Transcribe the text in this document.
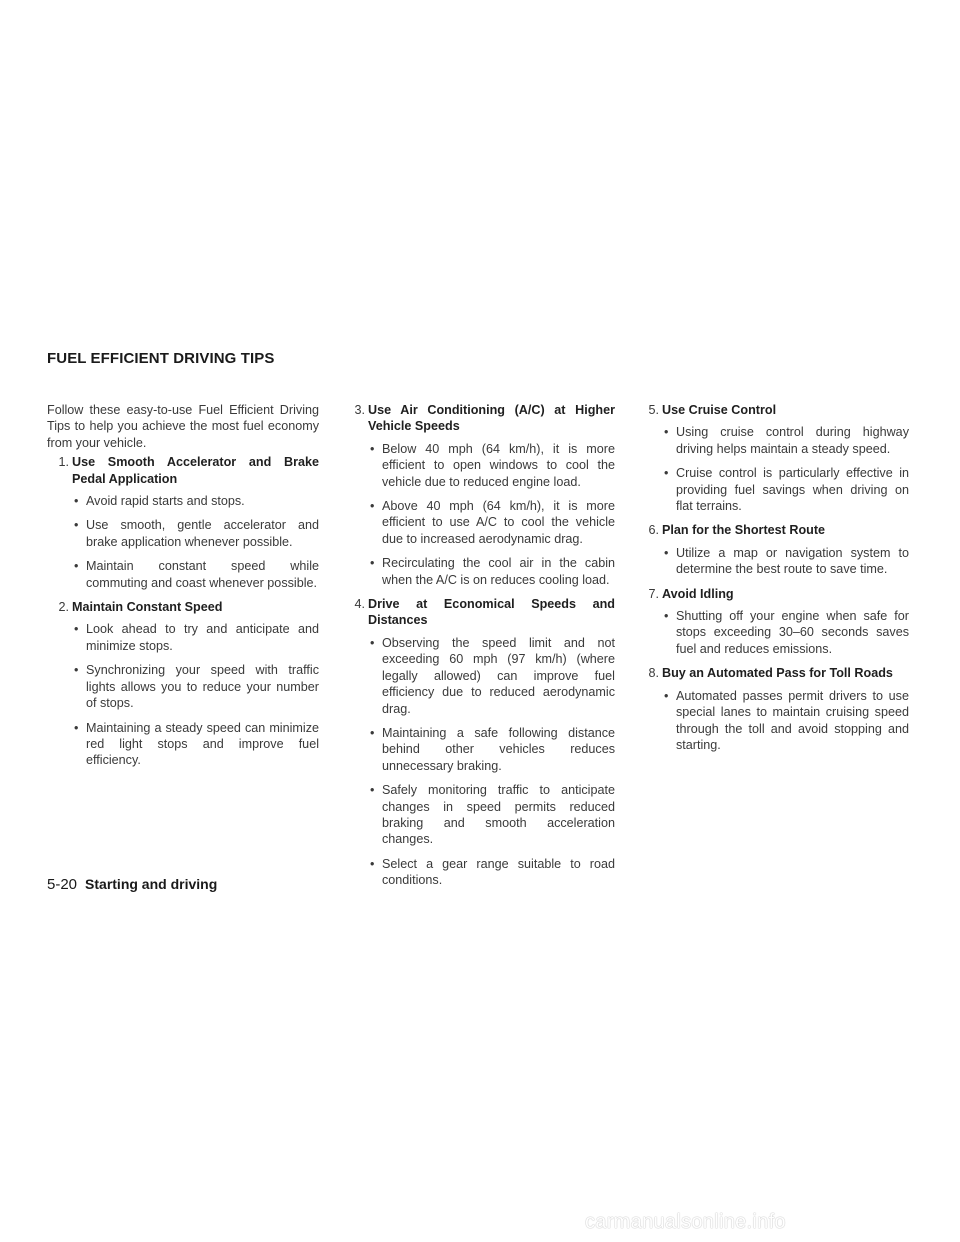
FUEL EFFICIENT DRIVING TIPS

Follow these easy-to-use Fuel Efficient Driving Tips to help you achieve the most fuel economy from your vehicle.

1. Use Smooth Accelerator and Brake Pedal Application
• Avoid rapid starts and stops.
• Use smooth, gentle accelerator and brake application whenever possible.
• Maintain constant speed while commuting and coast whenever possible.
2. Maintain Constant Speed
• Look ahead to try and anticipate and minimize stops.
• Synchronizing your speed with traffic lights allows you to reduce your number of stops.
• Maintaining a steady speed can minimize red light stops and improve fuel efficiency.
3. Use Air Conditioning (A/C) at Higher Vehicle Speeds
• Below 40 mph (64 km/h), it is more efficient to open windows to cool the vehicle due to reduced engine load.
• Above 40 mph (64 km/h), it is more efficient to use A/C to cool the vehicle due to increased aerodynamic drag.
• Recirculating the cool air in the cabin when the A/C is on reduces cooling load.
4. Drive at Economical Speeds and Distances
• Observing the speed limit and not exceeding 60 mph (97 km/h) (where legally allowed) can improve fuel efficiency due to reduced aerodynamic drag.
• Maintaining a safe following distance behind other vehicles reduces unnecessary braking.
• Safely monitoring traffic to anticipate changes in speed permits reduced braking and smooth acceleration changes.
• Select a gear range suitable to road conditions.
5. Use Cruise Control
• Using cruise control during highway driving helps maintain a steady speed.
• Cruise control is particularly effective in providing fuel savings when driving on flat terrains.
6. Plan for the Shortest Route
• Utilize a map or navigation system to determine the best route to save time.
7. Avoid Idling
• Shutting off your engine when safe for stops exceeding 30–60 seconds saves fuel and reduces emissions.
8. Buy an Automated Pass for Toll Roads
• Automated passes permit drivers to use special lanes to maintain cruising speed through the toll and avoid stopping and starting.
5-20 Starting and driving
carmanualsonline.info
